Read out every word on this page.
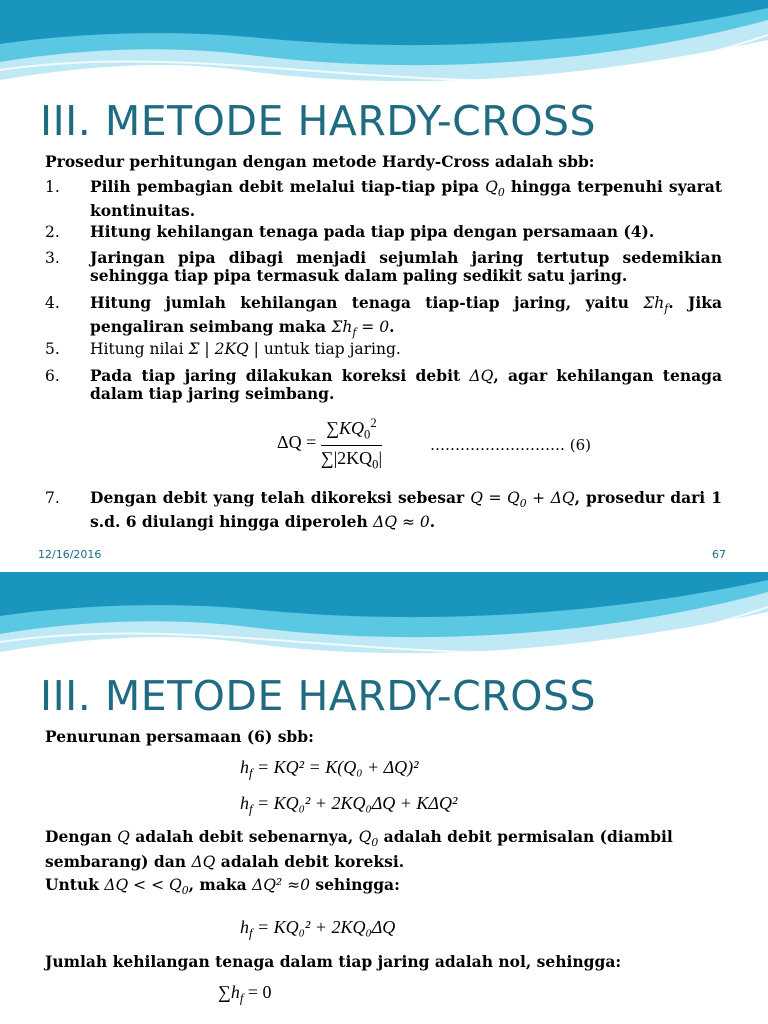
III. METODE HARDY-CROSS
Prosedur perhitungan dengan metode Hardy-Cross adalah sbb:
1.	Pilih pembagian debit melalui tiap-tiap pipa $Q_0$ hingga terpenuhi syarat kontinuitas.
2.	Hitung kehilangan tenaga pada tiap pipa dengan persamaan (4).
3.	Jaringan pipa dibagi menjadi sejumlah jaring tertutup sedemikian sehingga tiap pipa termasuk dalam paling sedikit satu jaring.
4.	Hitung jumlah kehilangan tenaga tiap-tiap jaring, yaitu $\Sigma h_f$. Jika pengaliran seimbang maka $\Sigma h_f = 0$.
5.	Hitung nilai Σ | 2KQ | untuk tiap jaring.
6.	Pada tiap jaring dilakukan koreksi debit ΔQ, agar kehilangan tenaga dalam tiap jaring seimbang.
$\Delta Q = \frac{\sum KQ_0^2}{\sum|2KQ_0|}$	……………………… (6)
7.	Dengan debit yang telah dikoreksi sebesar $Q = Q_0 + \Delta Q$, prosedur dari 1 s.d. 6 diulangi hingga diperoleh ΔQ ≈ 0.
12/16/2016	67
III. METODE HARDY-CROSS
Penurunan persamaan (6) sbb:
$h_f = KQ^2 = K(Q_0 + \Delta Q)^2$
$h_f = KQ_0^2 + 2KQ_0\Delta Q + K\Delta Q^2$
Dengan Q adalah debit sebenarnya, $Q_0$ adalah debit permisalan (diambil sembarang) dan ΔQ adalah debit koreksi.
Untuk ΔQ < < $Q_0$, maka ΔQ² ≈0 sehingga:
$h_f = KQ_0^2 + 2KQ_0\Delta Q$
Jumlah kehilangan tenaga dalam tiap jaring adalah nol, sehingga:
$\sum h_f = 0$
